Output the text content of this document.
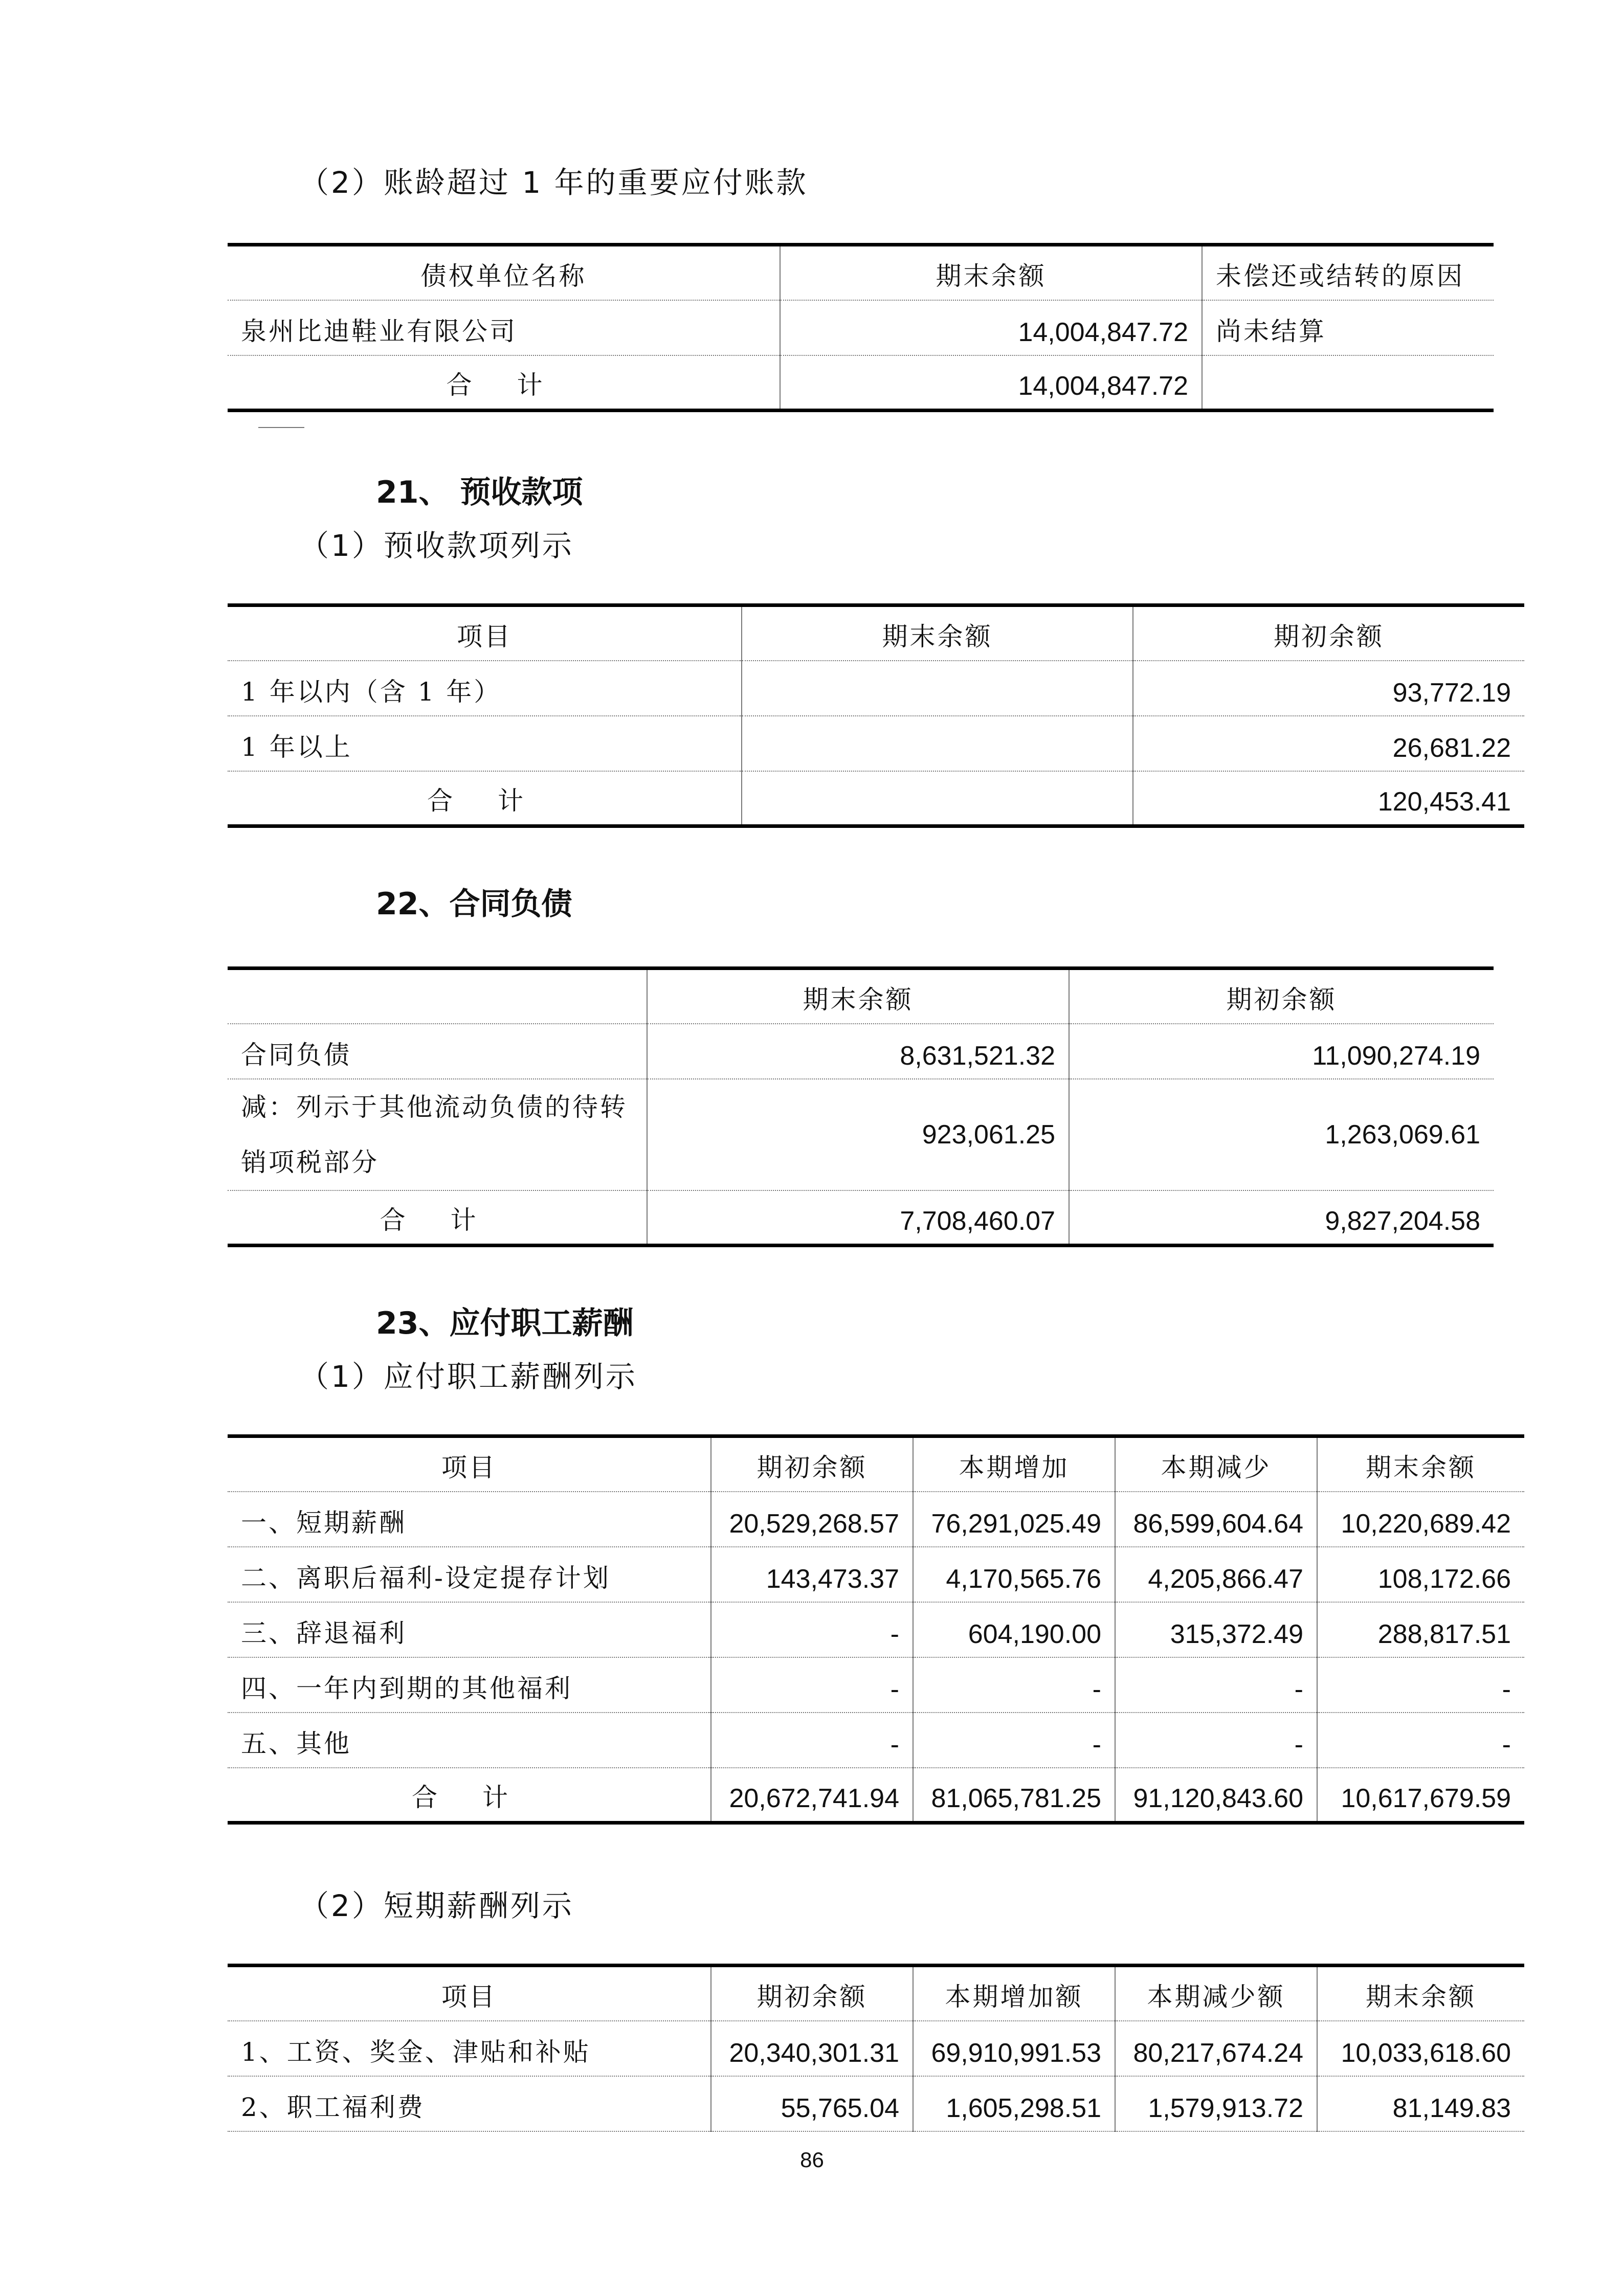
（2）账龄超过 1 年的重要应付账款
债权单位名称	期末余额	未偿还或结转的原因
泉州比迪鞋业有限公司	14,004,847.72	尚未结算
合 计	14,004,847.72	
21、 预收款项
（1）预收款项列示
项目	期末余额	期初余额
1 年以内（含 1 年）		93,772.19
1 年以上		26,681.22
合 计		120,453.41
22、合同负债
	期末余额	期初余额
合同负债	8,631,521.32	11,090,274.19
减：列示于其他流动负债的待转销项税部分	923,061.25	1,263,069.61
合 计	7,708,460.07	9,827,204.58
23、应付职工薪酬
（1）应付职工薪酬列示
项目	期初余额	本期增加	本期减少	期末余额
一、短期薪酬	20,529,268.57	76,291,025.49	86,599,604.64	10,220,689.42
二、离职后福利-设定提存计划	143,473.37	4,170,565.76	4,205,866.47	108,172.66
三、辞退福利	-	604,190.00	315,372.49	288,817.51
四、一年内到期的其他福利	-	-	-	-
五、其他	-	-	-	-
合 计	20,672,741.94	81,065,781.25	91,120,843.60	10,617,679.59
（2）短期薪酬列示
项目	期初余额	本期增加额	本期减少额	期末余额
1、工资、奖金、津贴和补贴	20,340,301.31	69,910,991.53	80,217,674.24	10,033,618.60
2、职工福利费	55,765.04	1,605,298.51	1,579,913.72	81,149.83
86
